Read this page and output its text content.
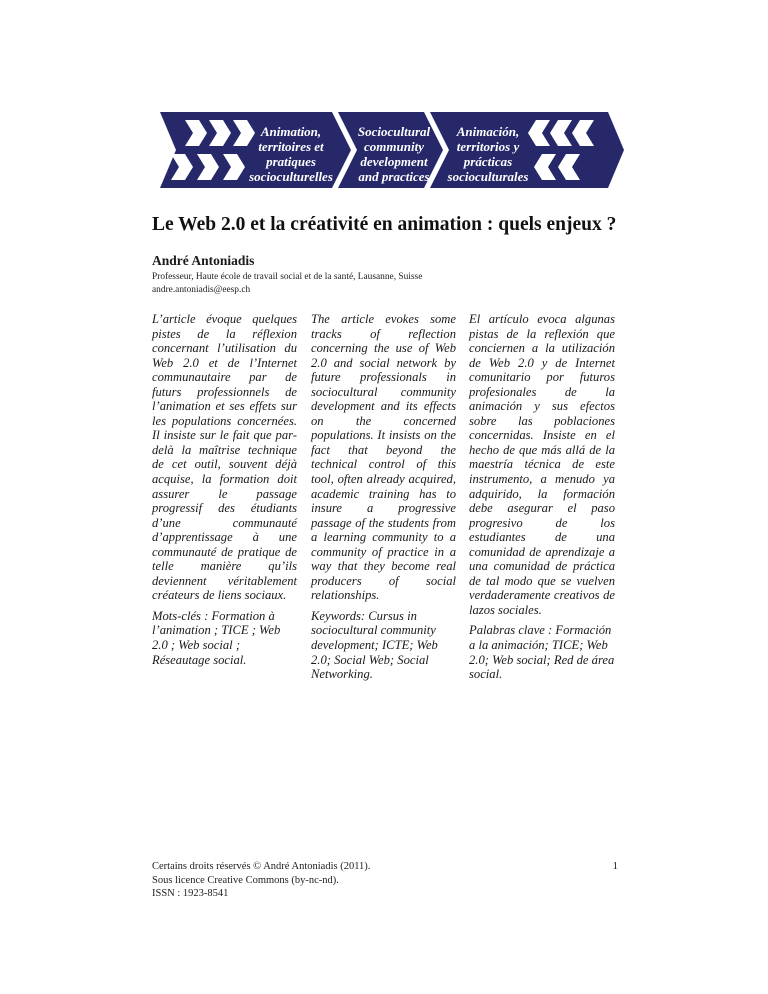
Animation,
territoires et
pratiques
socioculturelles
Sociocultural
community
development
and practices
Animación,
territorios y
prácticas
socioculturales
Le Web 2.0 et la créativité en animation : quels enjeux ?
André Antoniadis
Professeur, Haute école de travail social et de la santé, Lausanne, Suisse
andre.antoniadis@eesp.ch
L’article évoque quelques pistes de la réflexion concernant l’utilisation du Web 2.0 et de l’Internet communautaire par de futurs professionnels de l’animation et ses effets sur les populations concernées. Il insiste sur le fait que par-delà la maîtrise technique de cet outil, souvent déjà acquise, la formation doit assurer le passage progressif des étudiants d’une communauté d’apprentissage à une communauté de pratique de telle manière qu’ils deviennent véritablement créateurs de liens sociaux.
Mots-clés : Formation à l’animation ; TICE ; Web 2.0 ; Web social ; Réseautage social.
The article evokes some tracks of reflection concerning the use of Web 2.0 and social network by future professionals in sociocultural community development and its effects on the concerned populations. It insists on the fact that beyond the technical control of this tool, often already acquired, academic training has to insure a progressive passage of the students from a learning community to a community of practice in a way that they become real producers of social relationships.
Keywords: Cursus in sociocultural community development; ICTE; Web 2.0; Social Web; Social Networking.
El artículo evoca algunas pistas de la reflexión que conciernen a la utilización de Web 2.0 y de Internet comunitario por futuros profesionales de la animación y sus efectos sobre las poblaciones concernidas. Insiste en el hecho de que más allá de la maestría técnica de este instrumento, a menudo ya adquirido, la formación debe asegurar el paso progresivo de los estudiantes de una comunidad de aprendizaje a una comunidad de práctica de tal modo que se vuelven verdaderamente creativos de lazos sociales.
Palabras clave : Formación a la animación; TICE; Web 2.0; Web social; Red de área social.
Certains droits réservés © André Antoniadis (2011).
Sous licence Creative Commons (by-nc-nd).
ISSN : 1923-8541
1
